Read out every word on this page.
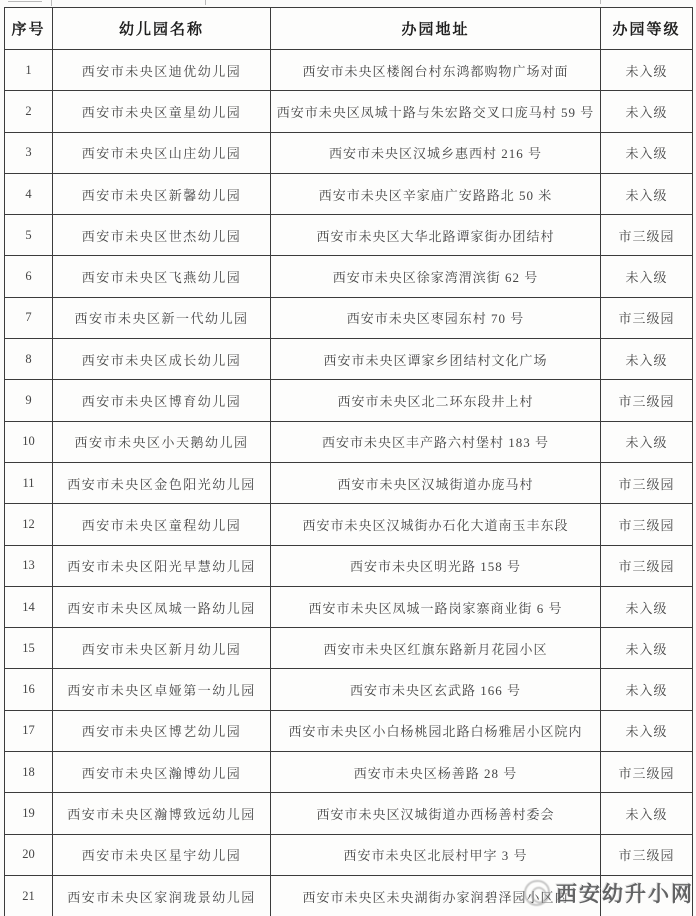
序号	幼儿园名称	办园地址	办园等级
1	西安市未央区迪优幼儿园	西安市未央区楼阁台村东鸿都购物广场对面	未入级
2	西安市未央区童星幼儿园	西安市未央区凤城十路与朱宏路交叉口庞马村 59 号	未入级
3	西安市未央区山庄幼儿园	西安市未央区汉城乡惠西村 216 号	未入级
4	西安市未央区新馨幼儿园	西安市未央区辛家庙广安路路北 50 米	未入级
5	西安市未央区世杰幼儿园	西安市未央区大华北路谭家街办团结村	市三级园
6	西安市未央区飞燕幼儿园	西安市未央区徐家湾渭滨街 62 号	未入级
7	西安市未央区新一代幼儿园	西安市未央区枣园东村 70 号	市三级园
8	西安市未央区成长幼儿园	西安市未央区谭家乡团结村文化广场	未入级
9	西安市未央区博育幼儿园	西安市未央区北二环东段井上村	市三级园
10	西安市未央区小天鹅幼儿园	西安市未央区丰产路六村堡村 183 号	未入级
11	西安市未央区金色阳光幼儿园	西安市未央区汉城街道办庞马村	市三级园
12	西安市未央区童程幼儿园	西安市未央区汉城街办石化大道南玉丰东段	市三级园
13	西安市未央区阳光早慧幼儿园	西安市未央区明光路 158 号	市三级园
14	西安市未央区凤城一路幼儿园	西安市未央区凤城一路岗家寨商业街 6 号	未入级
15	西安市未央区新月幼儿园	西安市未央区红旗东路新月花园小区	未入级
16	西安市未央区卓娅第一幼儿园	西安市未央区玄武路 166 号	未入级
17	西安市未央区博艺幼儿园	西安市未央区小白杨桃园北路白杨雅居小区院内	未入级
18	西安市未央区瀚博幼儿园	西安市未央区杨善路 28 号	市三级园
19	西安市未央区瀚博致远幼儿园	西安市未央区汉城街道办西杨善村委会	未入级
20	西安市未央区星宇幼儿园	西安市未央区北辰村甲字 3 号	市三级园
21	西安市未央区家润珑景幼儿园	西安市未央区未央湖街办家润碧泽园小区内	
西安幼升小网
